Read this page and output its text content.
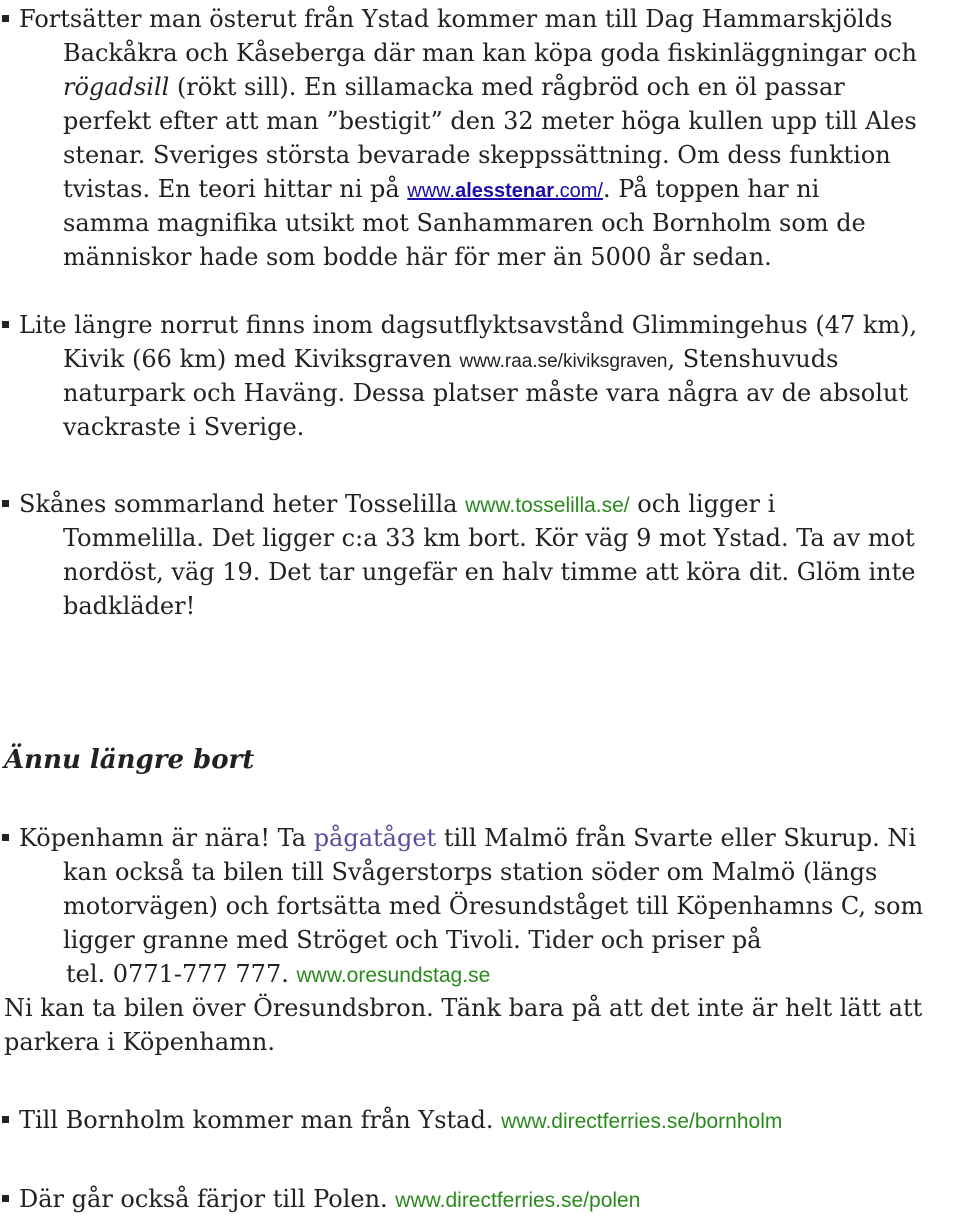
Fortsätter man österut från Ystad kommer man till Dag Hammarskjölds

Backåkra och Kåseberga där man kan köpa goda fiskinläggningar och

rögadsill (rökt sill). En sillamacka med rågbröd och en öl passar

perfekt efter att man ”bestigit” den 32 meter höga kullen upp till Ales

stenar. Sveriges största bevarade skeppssättning. Om dess funktion

tvistas. En teori hittar ni på www.alesstenar.com/. På toppen har ni

samma magnifika utsikt mot Sanhammaren och Bornholm som de

människor hade som bodde här för mer än 5000 år sedan.

Lite längre norrut finns inom dagsutflyktsavstånd Glimmingehus (47 km),

Kivik (66 km) med Kiviksgraven www.raa.se/kiviksgraven, Stenshuvuds

naturpark och Haväng. Dessa platser måste vara några av de absolut

vackraste i Sverige.

Skånes sommarland heter Tosselilla www.tosselilla.se/ och ligger i

Tommelilla. Det ligger c:a 33 km bort. Kör väg 9 mot Ystad. Ta av mot

nordöst, väg 19. Det tar ungefär en halv timme att köra dit. Glöm inte

badkläder!

Ännu längre bort

Köpenhamn är nära! Ta pågatåget till Malmö från Svarte eller Skurup. Ni

kan också ta bilen till Svågerstorps station söder om Malmö (längs

motorvägen) och fortsätta med Öresundståget till Köpenhamns C, som

ligger granne med Ströget och Tivoli. Tider och priser på

tel. 0771-777 777. www.oresundstag.se

Ni kan ta bilen över Öresundsbron. Tänk bara på att det inte är helt lätt att

parkera i Köpenhamn.

Till Bornholm kommer man från Ystad. www.directferries.se/bornholm

Där går också färjor till Polen. www.directferries.se/polen
